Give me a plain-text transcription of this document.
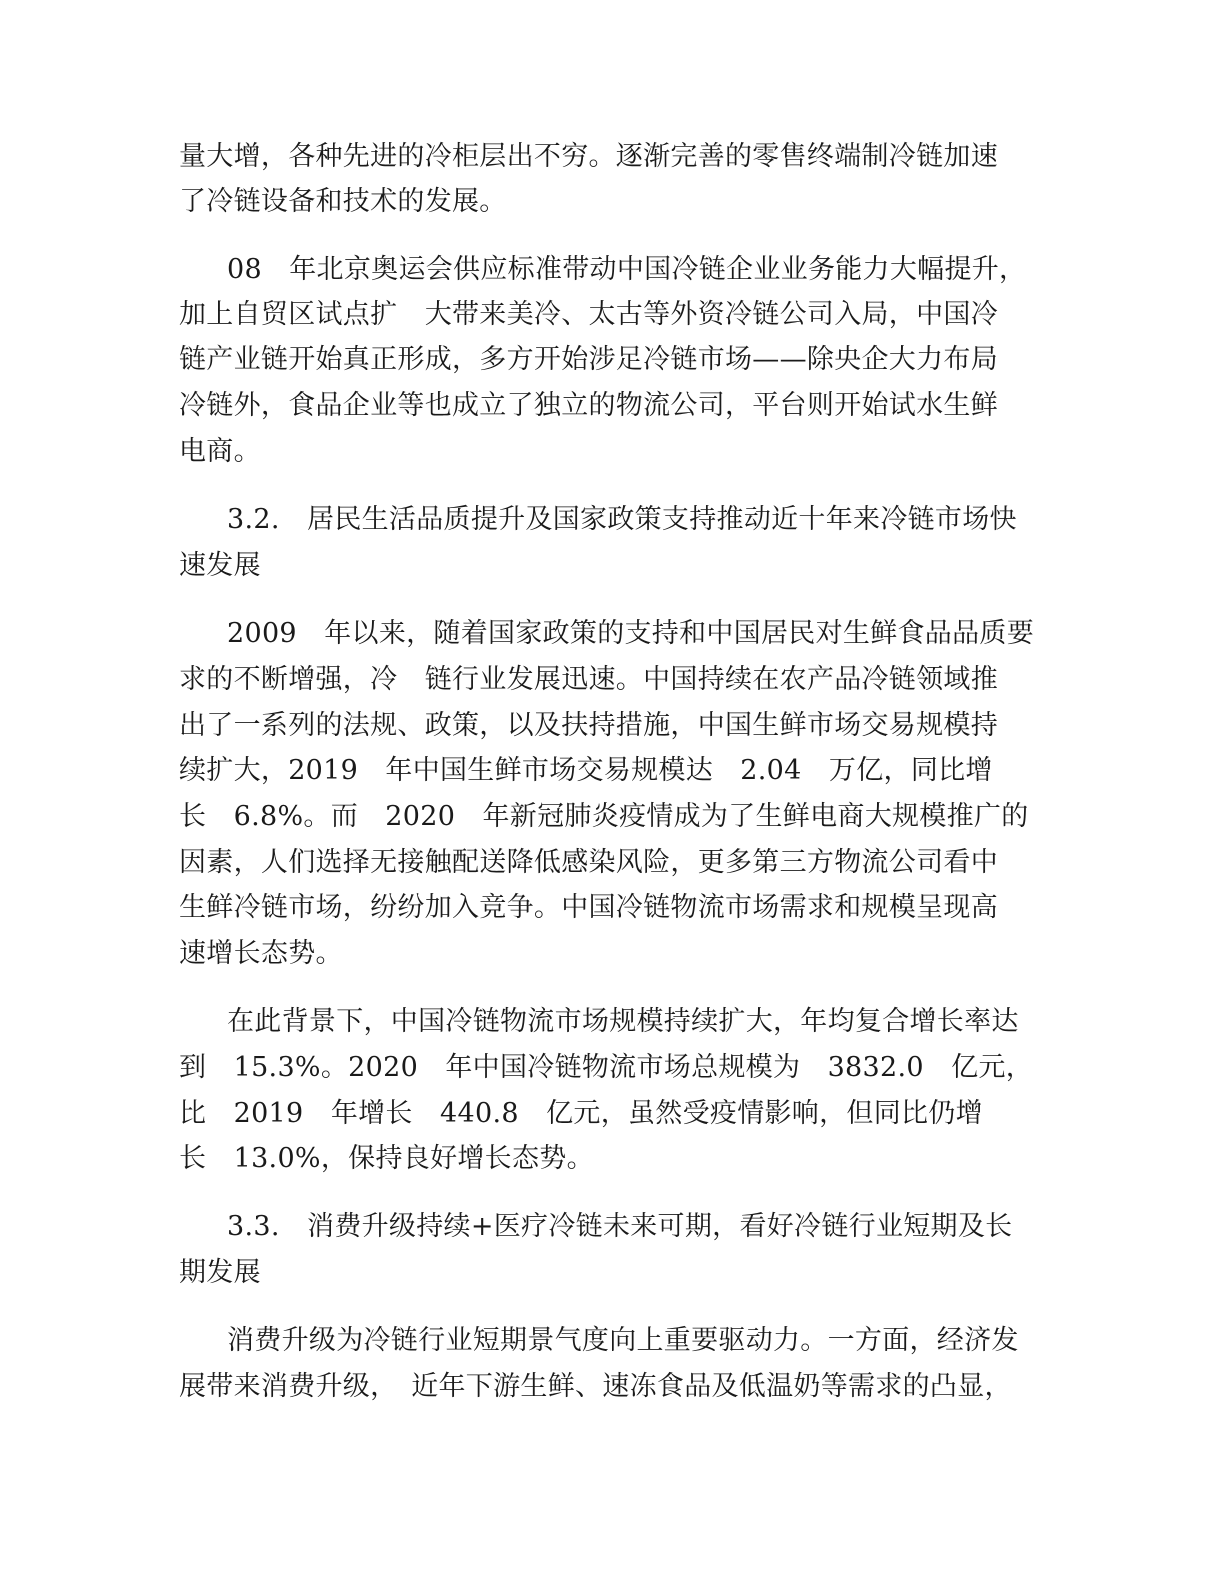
量大增，各种先进的冷柜层出不穷。逐渐完善的零售终端制冷链加速
了冷链设备和技术的发展。
08　年北京奥运会供应标准带动中国冷链企业业务能力大幅提升，
加上自贸区试点扩　大带来美冷、太古等外资冷链公司入局，中国冷
链产业链开始真正形成，多方开始涉足冷链市场——除央企大力布局
冷链外，食品企业等也成立了独立的物流公司，平台则开始试水生鲜
电商。
3.2.　居民生活品质提升及国家政策支持推动近十年来冷链市场快
速发展
2009　年以来，随着国家政策的支持和中国居民对生鲜食品品质要
求的不断增强，冷　链行业发展迅速。中国持续在农产品冷链领域推
出了一系列的法规、政策，以及扶持措施，中国生鲜市场交易规模持
续扩大，2019　年中国生鲜市场交易规模达　2.04　万亿，同比增
长　6.8%。而　2020　年新冠肺炎疫情成为了生鲜电商大规模推广的
因素，人们选择无接触配送降低感染风险，更多第三方物流公司看中
生鲜冷链市场，纷纷加入竞争。中国冷链物流市场需求和规模呈现高
速增长态势。
在此背景下，中国冷链物流市场规模持续扩大，年均复合增长率达
到　15.3%。2020　年中国冷链物流市场总规模为　3832.0　亿元，
比　2019　年增长　440.8　亿元，虽然受疫情影响，但同比仍增
长　13.0%，保持良好增长态势。
3.3.　消费升级持续+医疗冷链未来可期，看好冷链行业短期及长
期发展
消费升级为冷链行业短期景气度向上重要驱动力。一方面，经济发
展带来消费升级，　近年下游生鲜、速冻食品及低温奶等需求的凸显，
